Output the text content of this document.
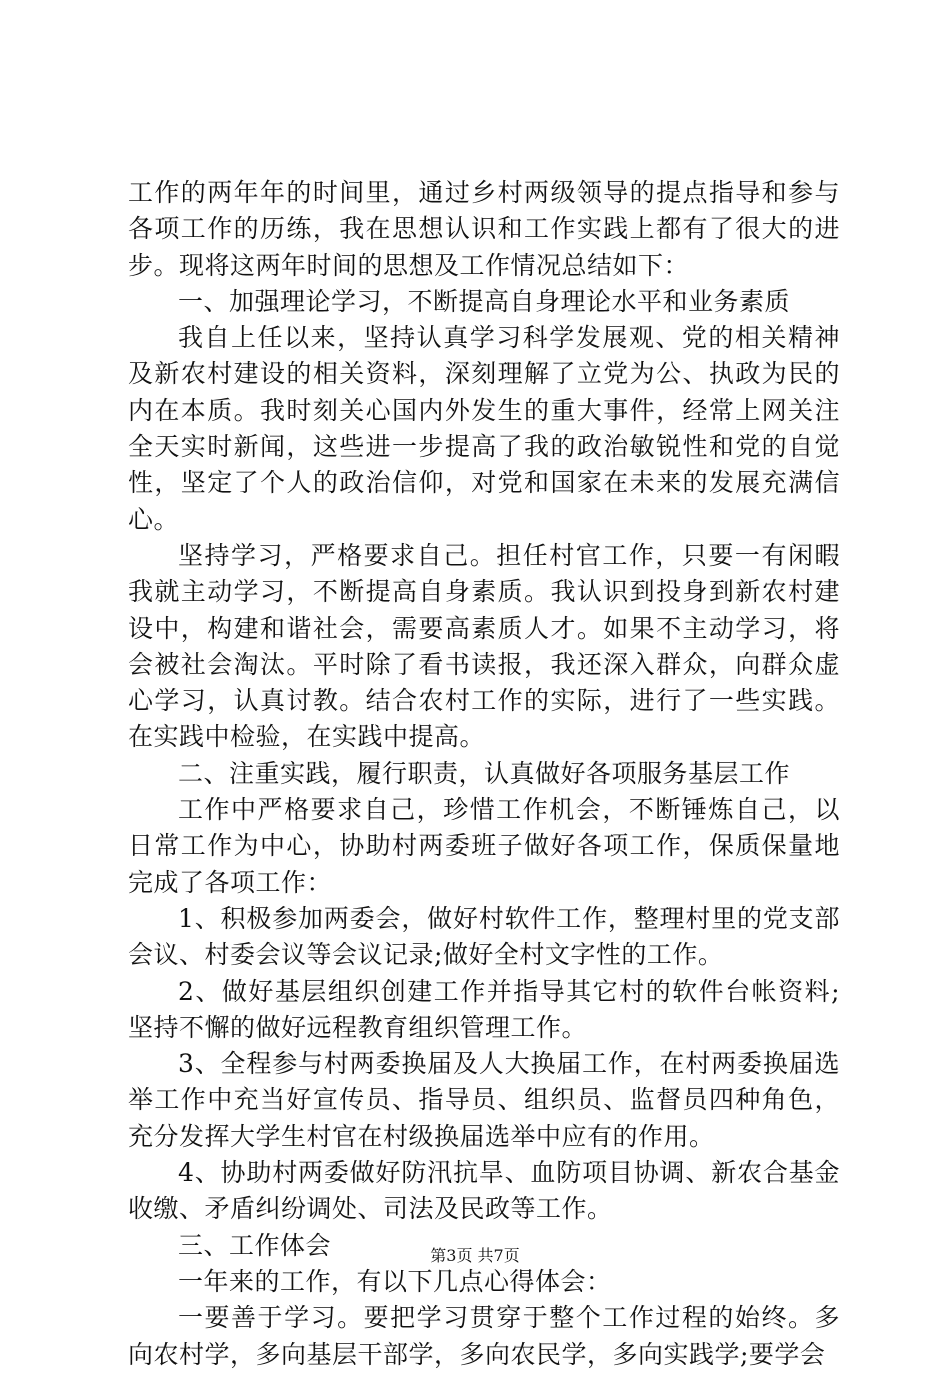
工作的两年年的时间里，通过乡村两级领导的提点指导和参与各项工作的历练，我在思想认识和工作实践上都有了很大的进步。现将这两年时间的思想及工作情况总结如下：

一、加强理论学习，不断提高自身理论水平和业务素质

我自上任以来，坚持认真学习科学发展观、党的相关精神及新农村建设的相关资料，深刻理解了立党为公、执政为民的内在本质。我时刻关心国内外发生的重大事件，经常上网关注全天实时新闻，这些进一步提高了我的政治敏锐性和党的自觉性，坚定了个人的政治信仰，对党和国家在未来的发展充满信心。

坚持学习，严格要求自己。担任村官工作，只要一有闲暇我就主动学习，不断提高自身素质。我认识到投身到新农村建设中，构建和谐社会，需要高素质人才。如果不主动学习，将会被社会淘汰。平时除了看书读报，我还深入群众，向群众虚心学习，认真讨教。结合农村工作的实际，进行了一些实践。在实践中检验，在实践中提高。

二、注重实践，履行职责，认真做好各项服务基层工作

工作中严格要求自己，珍惜工作机会，不断锤炼自己，以日常工作为中心，协助村两委班子做好各项工作，保质保量地完成了各项工作：

1、积极参加两委会，做好村软件工作，整理村里的党支部会议、村委会议等会议记录;做好全村文字性的工作。

2、做好基层组织创建工作并指导其它村的软件台帐资料;坚持不懈的做好远程教育组织管理工作。

3、全程参与村两委换届及人大换届工作，在村两委换届选举工作中充当好宣传员、指导员、组织员、监督员四种角色，充分发挥大学生村官在村级换届选举中应有的作用。

4、协助村两委做好防汛抗旱、血防项目协调、新农合基金收缴、矛盾纠纷调处、司法及民政等工作。

三、工作体会

一年来的工作，有以下几点心得体会：

一要善于学习。要把学习贯穿于整个工作过程的始终。多向农村学，多向基层干部学，多向农民学，多向实践学;要学会

第3页 共7页
